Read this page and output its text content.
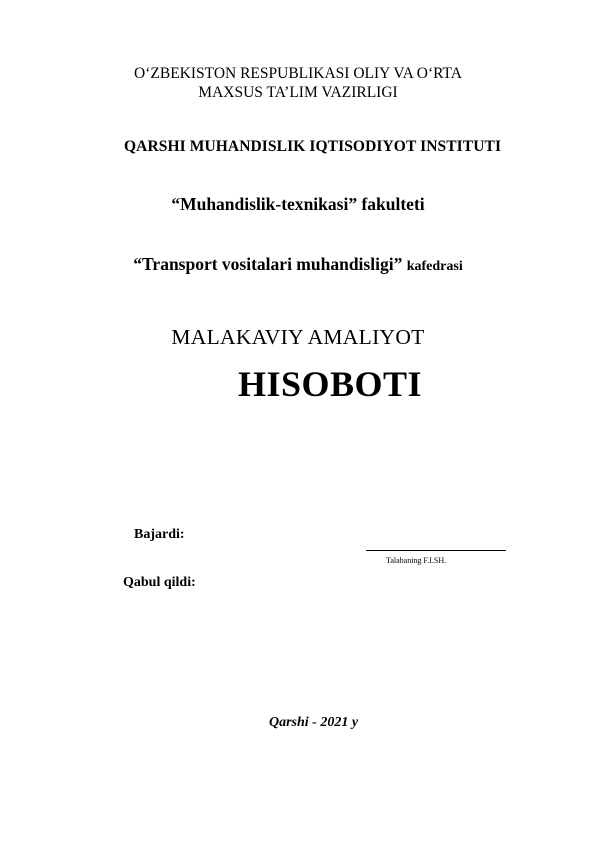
O‘ZBEKISTON RESPUBLIKASI OLIY VA O‘RTA
MAXSUS TA’LIM VAZIRLIGI
QARSHI MUHANDISLIK IQTISODIYOT INSTITUTI
“Muhandislik-texnikasi” fakulteti
“Transport vositalari muhandisligi” kafedrasi
MALAKAVIY AMALIYOT
HISOBOTI
Bajardi:
Talabaning F.I.SH.
Qabul qildi:
Qarshi - 2021 y
